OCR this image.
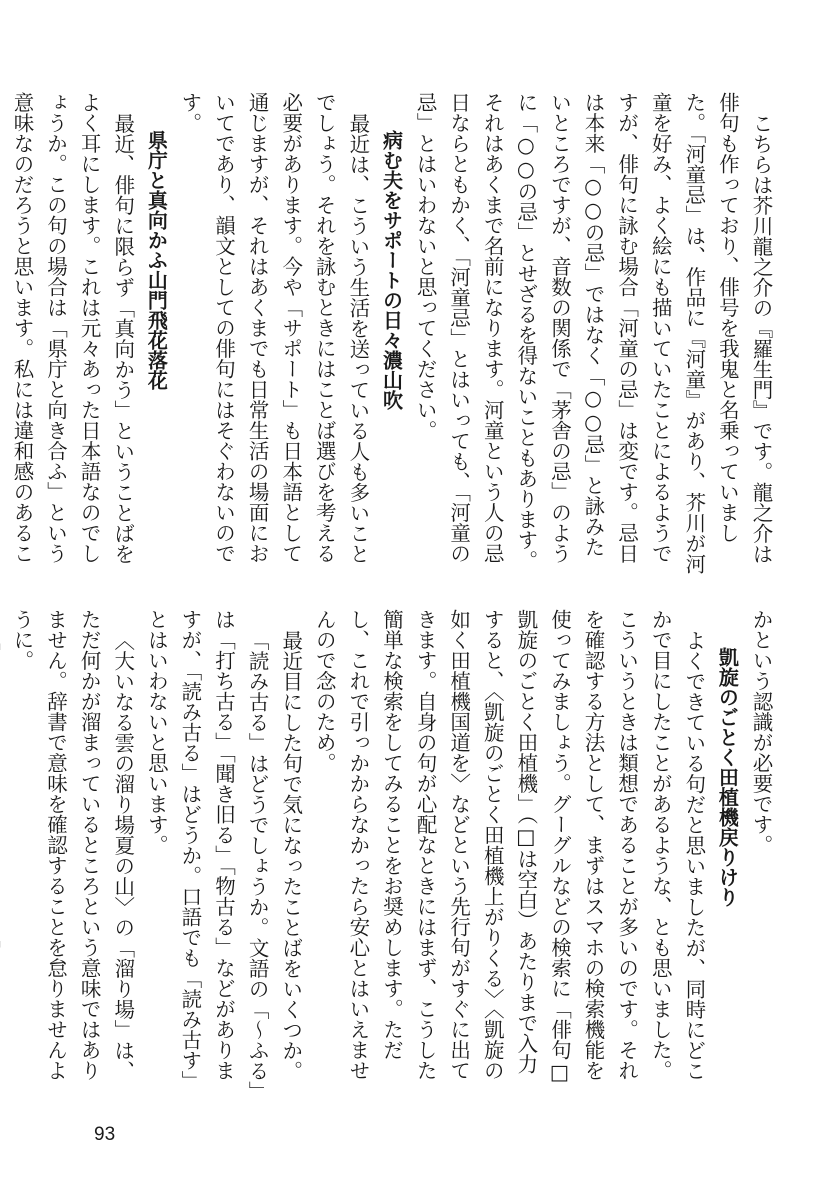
こちらは芥川龍之介の『羅生門』です。龍之介は俳句も作っており、俳号を我鬼と名乗っていました。「河童忌」は、作品に『河童』があり、芥川が河童を好み、よく絵にも描いていたことによるようですが、俳句に詠む場合「河童の忌」は変です。忌日は本来「○○の忌」ではなく「○○忌」と詠みたいところですが、音数の関係で「茅舎の忌」のように「○○の忌」とせざるを得ないこともあります。それはあくまで名前になります。河童という人の忌日ならともかく、「河童忌」とはいっても、「河童の忌」とはいわないと思ってください。

病む夫をサポートの日々濃山吹

最近は、こういう生活を送っている人も多いことでしょう。それを詠むときにはことば選びを考える必要があります。今や「サポート」も日本語として通じますが、それはあくまでも日常生活の場面においてであり、韻文としての俳句にはそぐわないのです。

県庁と真向かふ山門飛花落花

最近、俳句に限らず「真向かう」ということばをよく耳にします。これは元々あった日本語なのでしょうか。この句の場合は「県庁と向き合ふ」という意味なのだろうと思います。私には違和感のあるこ

かという認識が必要です。

凱旋のごとく田植機戻りけり

よくできている句だと思いましたが、同時にどこかで目にしたことがあるような、とも思いました。こういうときは類想であることが多いのです。それを確認する方法として、まずはスマホの検索機能を使ってみましょう。グーグルなどの検索に「俳句□凱旋のごとく田植機」（□は空白）あたりまで入力すると、〈凱旋のごとく田植機上がりくる〉〈凱旋の如く田植機国道を〉などという先行句がすぐに出てきます。自身の句が心配なときにはまず、こうした簡単な検索をしてみることをお奨めします。ただし、これで引っかからなかったら安心とはいえませんので念のため。

最近目にした句で気になったことばをいくつか。

「読み古る」はどうでしょうか。文語の「～ふる」は「打ち古る」「聞き旧る」「物古る」などがありますが、「読み古る」はどうか。口語でも「読み古す」とはいわないと思います。

〈大いなる雲の溜り場夏の山〉の「溜り場」は、ただ何かが溜まっているところという意味ではありません。辞書で意味を確認することを怠りませんように。

93
